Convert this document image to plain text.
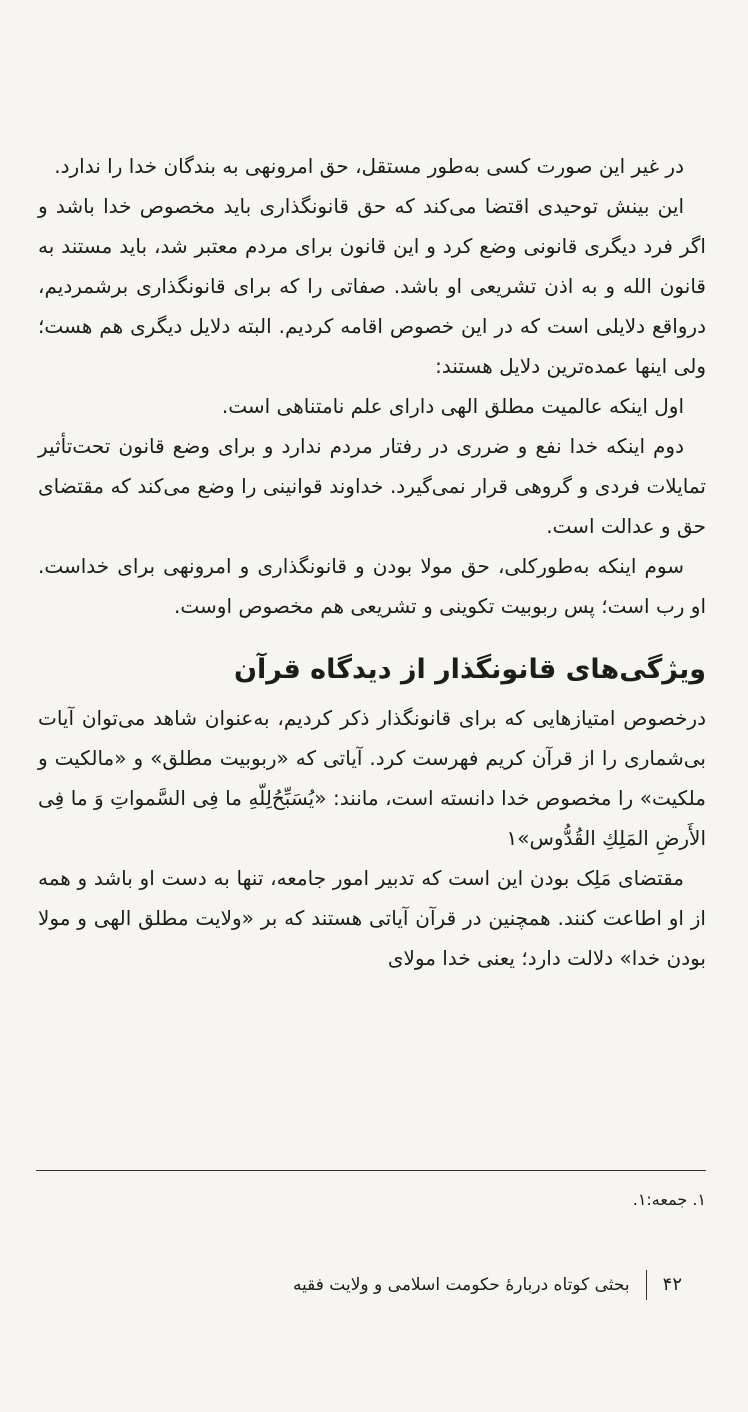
در غیر این صورت کسی به‌طور مستقل، حق امرونهی به بندگان خدا را ندارد.

این بینش توحیدی اقتضا می‌کند که حق قانونگذاری باید مخصوص خدا باشد و اگر فرد دیگری قانونی وضع کرد و این قانون برای مردم معتبر شد، باید مستند به قانون الله و به اذن تشریعی او باشد. صفاتی را که برای قانونگذاری برشمردیم، درواقع دلایلی است که در این خصوص اقامه کردیم. البته دلایل دیگری هم هست؛ ولی اینها عمده‌ترین دلایل هستند:

اول اینکه عالمیت مطلق الهی دارای علم نامتناهی است.

دوم اینکه خدا نفع و ضرری در رفتار مردم ندارد و برای وضع قانون تحت‌تأثیر تمایلات فردی و گروهی قرار نمی‌گیرد. خداوند قوانینی را وضع می‌کند که مقتضای حق و عدالت است.

سوم اینکه به‌طورکلی، حق مولا بودن و قانونگذاری و امرونهی برای خداست. او رب است؛ پس ربوبیت تکوینی و تشریعی هم مخصوص اوست.

ویژگی‌های قانونگذار از دیدگاه قرآن

درخصوص امتیازهایی که برای قانونگذار ذکر کردیم، به‌عنوان شاهد می‌توان آیات بی‌شماری را از قرآن کریم فهرست کرد. آیاتی که «ربوبیت مطلق» و «مالکیت و ملکیت» را مخصوص خدا دانسته است، مانند: «یُسَبِّحُ‌لِلّهِ ما فِی السَّمواتِ وَ ما فِی الأَرضِ المَلِكِ القُدُّوس»۱

مقتضای مَلِک بودن این است که تدبیر امور جامعه، تنها به دست او باشد و همه از او اطاعت کنند. همچنین در قرآن آیاتی هستند که بر «ولایت مطلق الهی و مولا بودن خدا» دلالت دارد؛ یعنی خدا مولای

۱. جمعه:۱.
۴۲
بحثی کوتاه دربارهٔ حکومت اسلامی و ولایت فقیه
